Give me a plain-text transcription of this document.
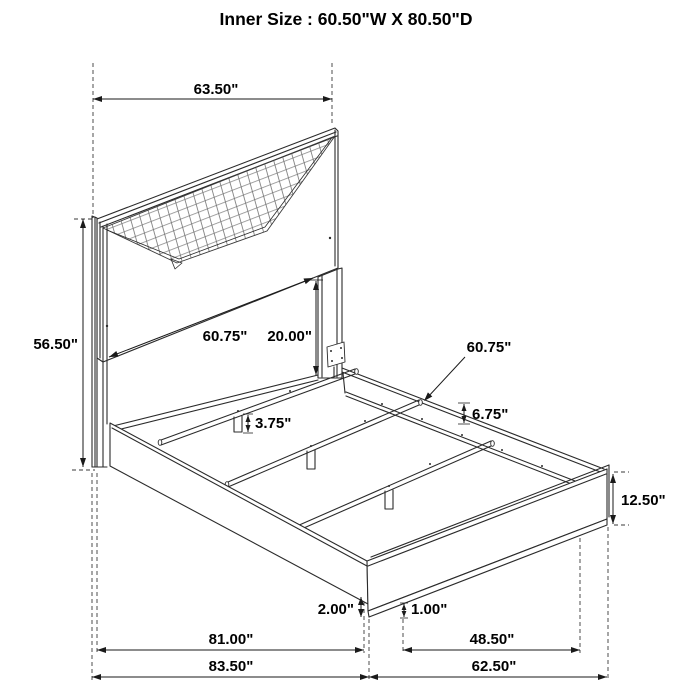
Inner Size : 60.50"W X 80.50"D
63.50"
56.50"	60.75" 20.00"
60.75"
6.75"
3.75"
12.50"
2.00"	1.00"
81.00"	48.50"
83.50"	62.50"
